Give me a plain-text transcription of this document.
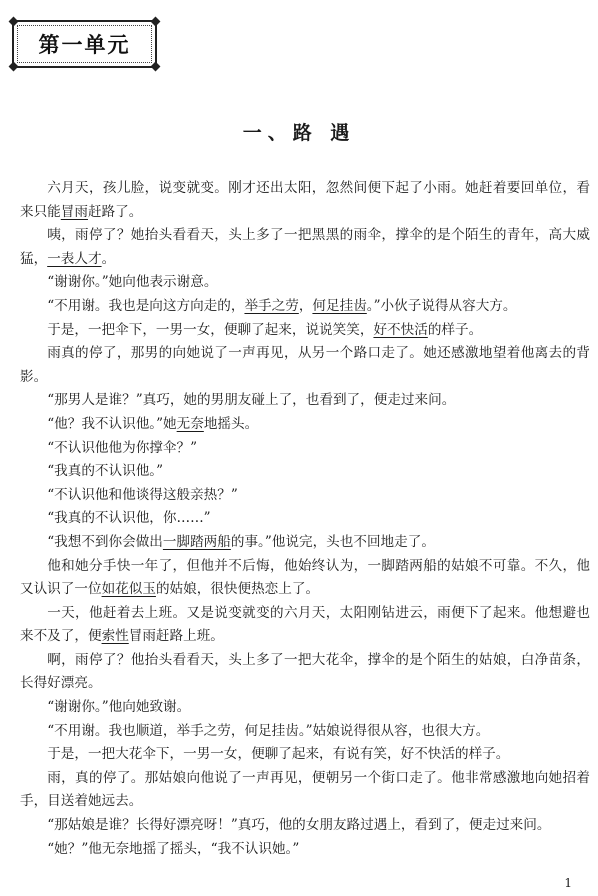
第一单元
一、路 遇

六月天，孩儿脸，说变就变。刚才还出太阳，忽然间便下起了小雨。她赶着要回单位，看来只能冒雨赶路了。

咦，雨停了？她抬头看看天，头上多了一把黑黑的雨伞，撑伞的是个陌生的青年，高大威猛，一表人才。

“谢谢你。”她向他表示谢意。

“不用谢。我也是向这方向走的，举手之劳，何足挂齿。”小伙子说得从容大方。

于是，一把伞下，一男一女，便聊了起来，说说笑笑，好不快活的样子。

雨真的停了，那男的向她说了一声再见，从另一个路口走了。她还感激地望着他离去的背影。

“那男人是谁？”真巧，她的男朋友碰上了，也看到了，便走过来问。

“他？我不认识他。”她无奈地摇头。

“不认识他他为你撑伞？”

“我真的不认识他。”

“不认识他和他谈得这般亲热？”

“我真的不认识他，你……”

“我想不到你会做出一脚踏两船的事。”他说完，头也不回地走了。

他和她分手快一年了，但他并不后悔，他始终认为，一脚踏两船的姑娘不可靠。不久，他又认识了一位如花似玉的姑娘，很快便热恋上了。

一天，他赶着去上班。又是说变就变的六月天，太阳刚钻进云，雨便下了起来。他想避也来不及了，便索性冒雨赶路上班。

啊，雨停了？他抬头看看天，头上多了一把大花伞，撑伞的是个陌生的姑娘，白净苗条，长得好漂亮。

“谢谢你。”他向她致谢。

“不用谢。我也顺道，举手之劳，何足挂齿。”姑娘说得很从容，也很大方。

于是，一把大花伞下，一男一女，便聊了起来，有说有笑，好不快活的样子。

雨，真的停了。那姑娘向他说了一声再见，便朝另一个街口走了。他非常感激地向她招着手，目送着她远去。

“那姑娘是谁？长得好漂亮呀！”真巧，他的女朋友路过遇上，看到了，便走过来问。

“她？”他无奈地摇了摇头，“我不认识她。”

1
